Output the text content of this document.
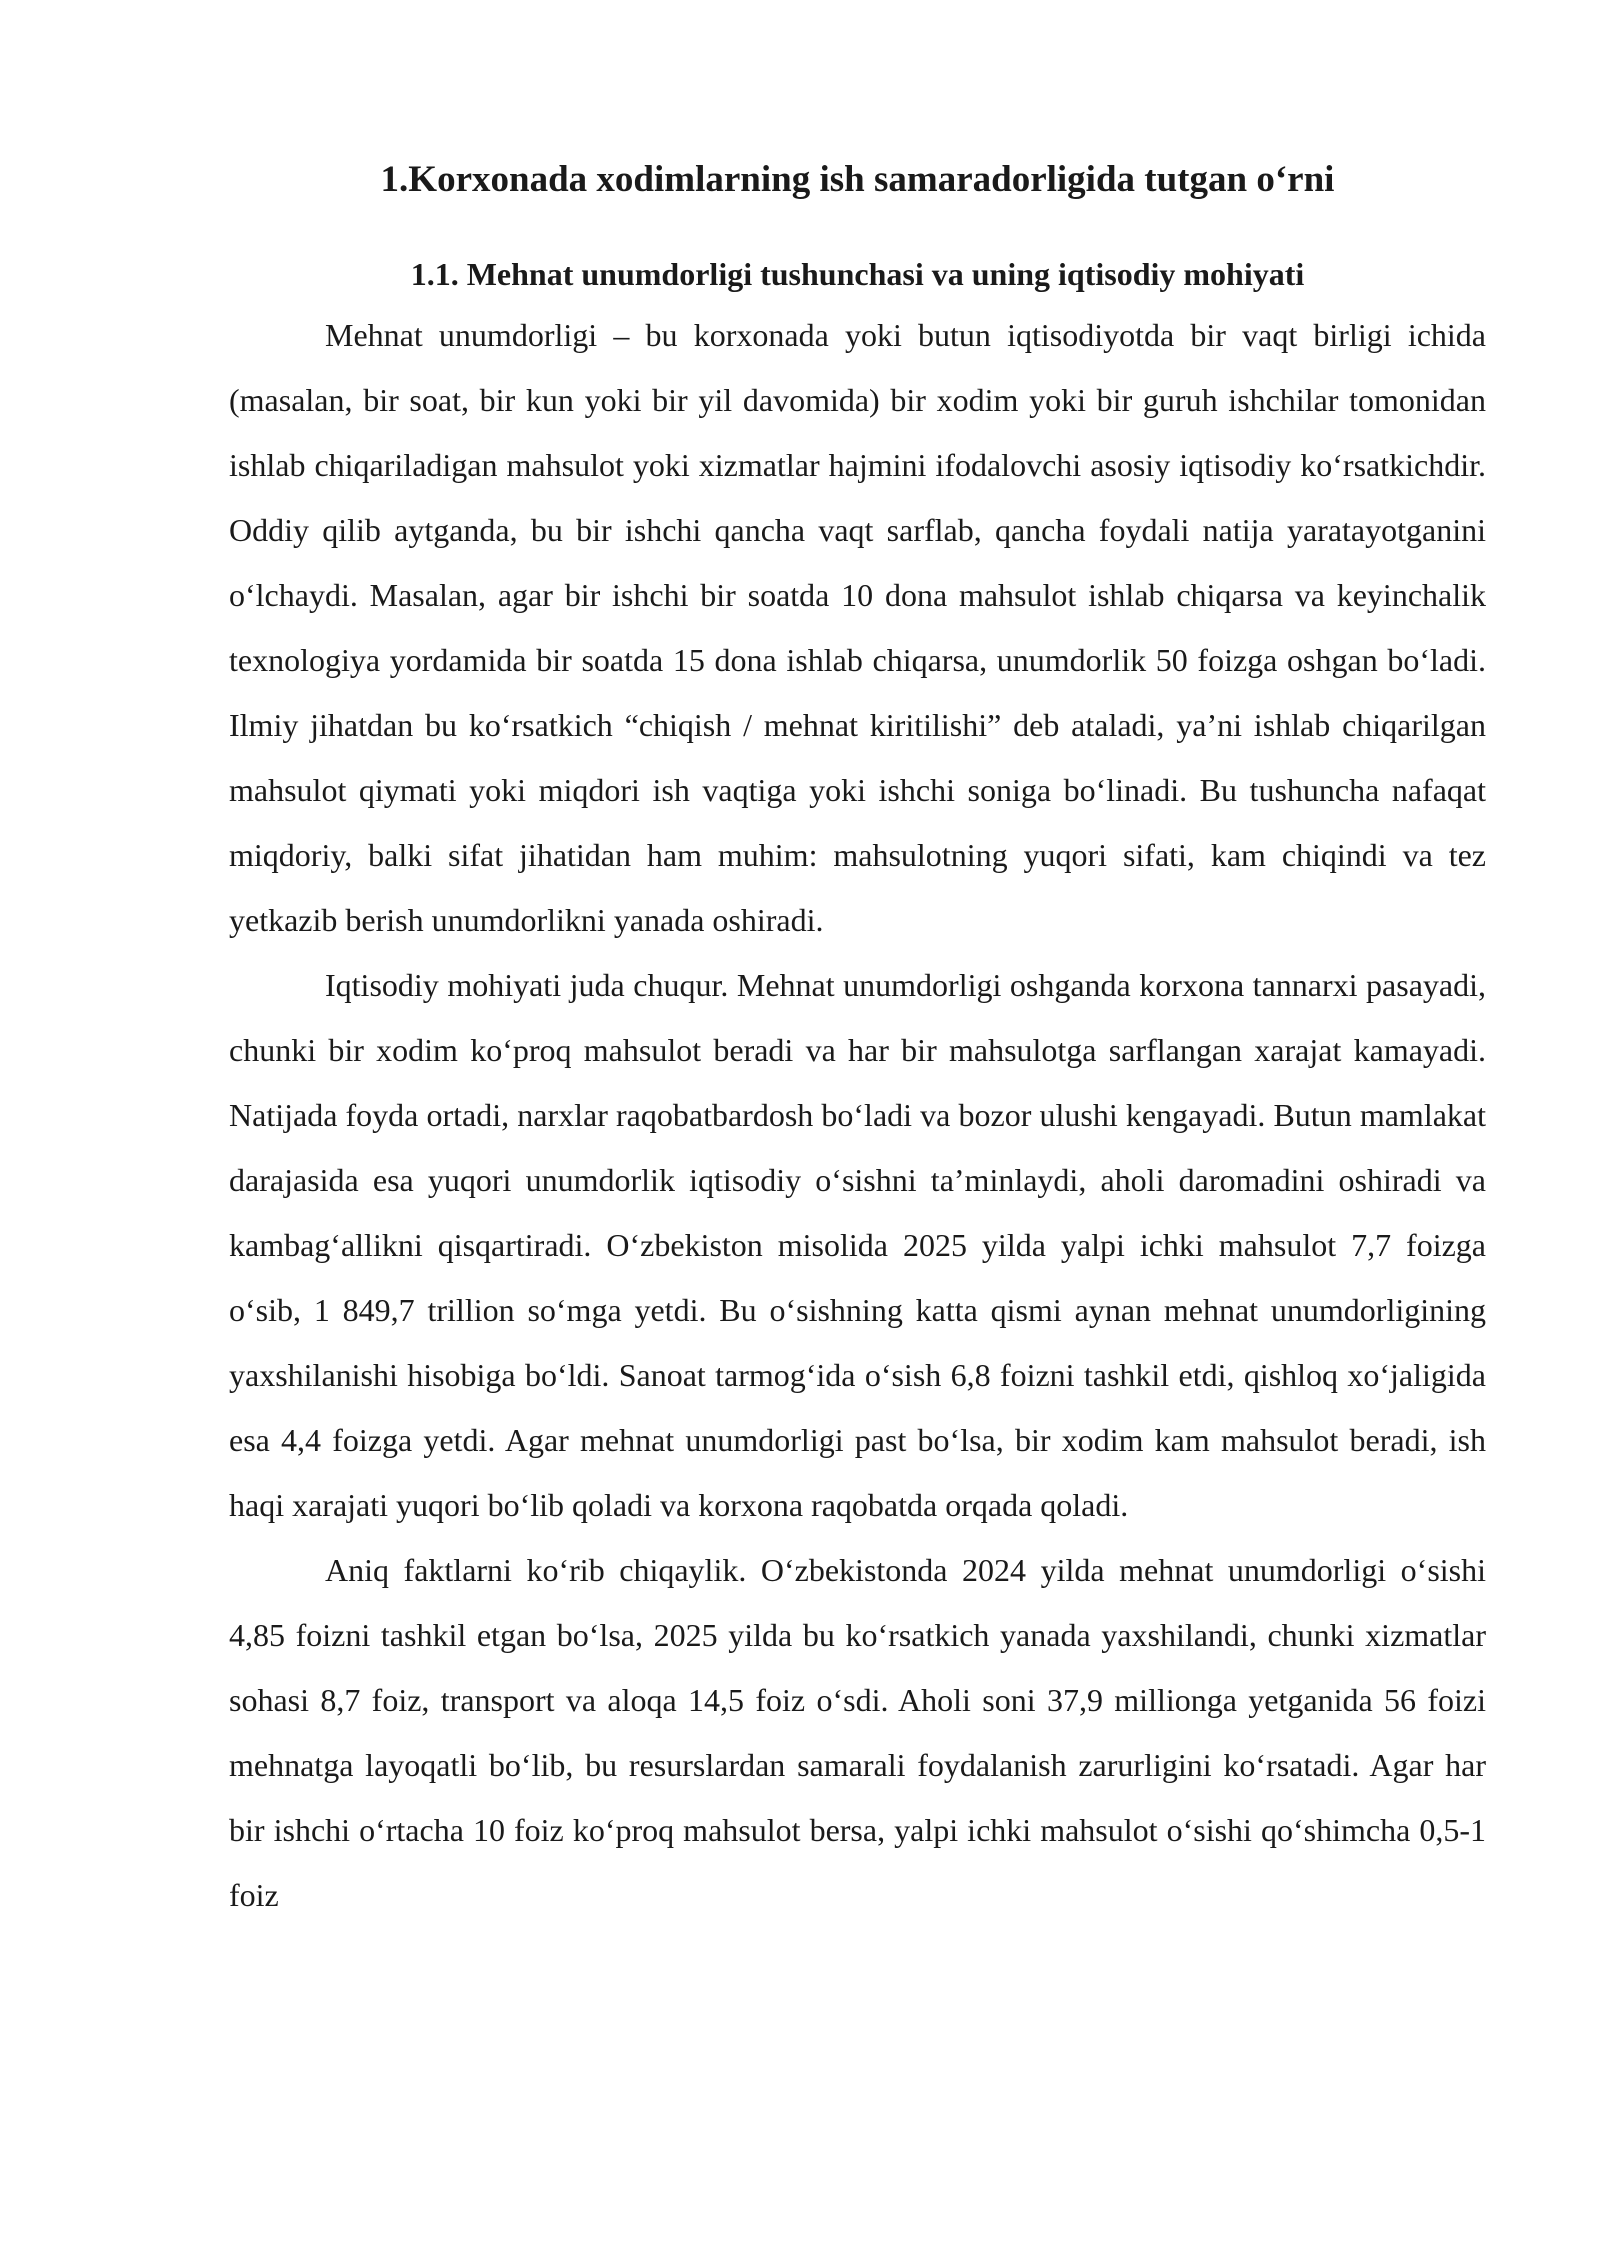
1.Korxonada xodimlarning ish samaradorligida tutgan o‘rni
1.1. Mehnat unumdorligi tushunchasi va uning iqtisodiy mohiyati

Mehnat unumdorligi – bu korxonada yoki butun iqtisodiyotda bir vaqt birligi ichida (masalan, bir soat, bir kun yoki bir yil davomida) bir xodim yoki bir guruh ishchilar tomonidan ishlab chiqariladigan mahsulot yoki xizmatlar hajmini ifodalovchi asosiy iqtisodiy ko‘rsatkichdir. Oddiy qilib aytganda, bu bir ishchi qancha vaqt sarflab, qancha foydali natija yaratayotganini o‘lchaydi. Masalan, agar bir ishchi bir soatda 10 dona mahsulot ishlab chiqarsa va keyinchalik texnologiya yordamida bir soatda 15 dona ishlab chiqarsa, unumdorlik 50 foizga oshgan bo‘ladi. Ilmiy jihatdan bu ko‘rsatkich “chiqish / mehnat kiritilishi” deb ataladi, ya’ni ishlab chiqarilgan mahsulot qiymati yoki miqdori ish vaqtiga yoki ishchi soniga bo‘linadi. Bu tushuncha nafaqat miqdoriy, balki sifat jihatidan ham muhim: mahsulotning yuqori sifati, kam chiqindi va tez yetkazib berish unumdorlikni yanada oshiradi.

Iqtisodiy mohiyati juda chuqur. Mehnat unumdorligi oshganda korxona tannarxi pasayadi, chunki bir xodim ko‘proq mahsulot beradi va har bir mahsulotga sarflangan xarajat kamayadi. Natijada foyda ortadi, narxlar raqobatbardosh bo‘ladi va bozor ulushi kengayadi. Butun mamlakat darajasida esa yuqori unumdorlik iqtisodiy o‘sishni ta’minlaydi, aholi daromadini oshiradi va kambag‘allikni qisqartiradi. O‘zbekiston misolida 2025 yilda yalpi ichki mahsulot 7,7 foizga o‘sib, 1 849,7 trillion so‘mga yetdi. Bu o‘sishning katta qismi aynan mehnat unumdorligining yaxshilanishi hisobiga bo‘ldi. Sanoat tarmog‘ida o‘sish 6,8 foizni tashkil etdi, qishloq xo‘jaligida esa 4,4 foizga yetdi. Agar mehnat unumdorligi past bo‘lsa, bir xodim kam mahsulot beradi, ish haqi xarajati yuqori bo‘lib qoladi va korxona raqobatda orqada qoladi.

Aniq faktlarni ko‘rib chiqaylik. O‘zbekistonda 2024 yilda mehnat unumdorligi o‘sishi 4,85 foizni tashkil etgan bo‘lsa, 2025 yilda bu ko‘rsatkich yanada yaxshilandi, chunki xizmatlar sohasi 8,7 foiz, transport va aloqa 14,5 foiz o‘sdi. Aholi soni 37,9 millionga yetganida 56 foizi mehnatga layoqatli bo‘lib, bu resurslardan samarali foydalanish zarurligini ko‘rsatadi. Agar har bir ishchi o‘rtacha 10 foiz ko‘proq mahsulot bersa, yalpi ichki mahsulot o‘sishi qo‘shimcha 0,5-1 foiz
